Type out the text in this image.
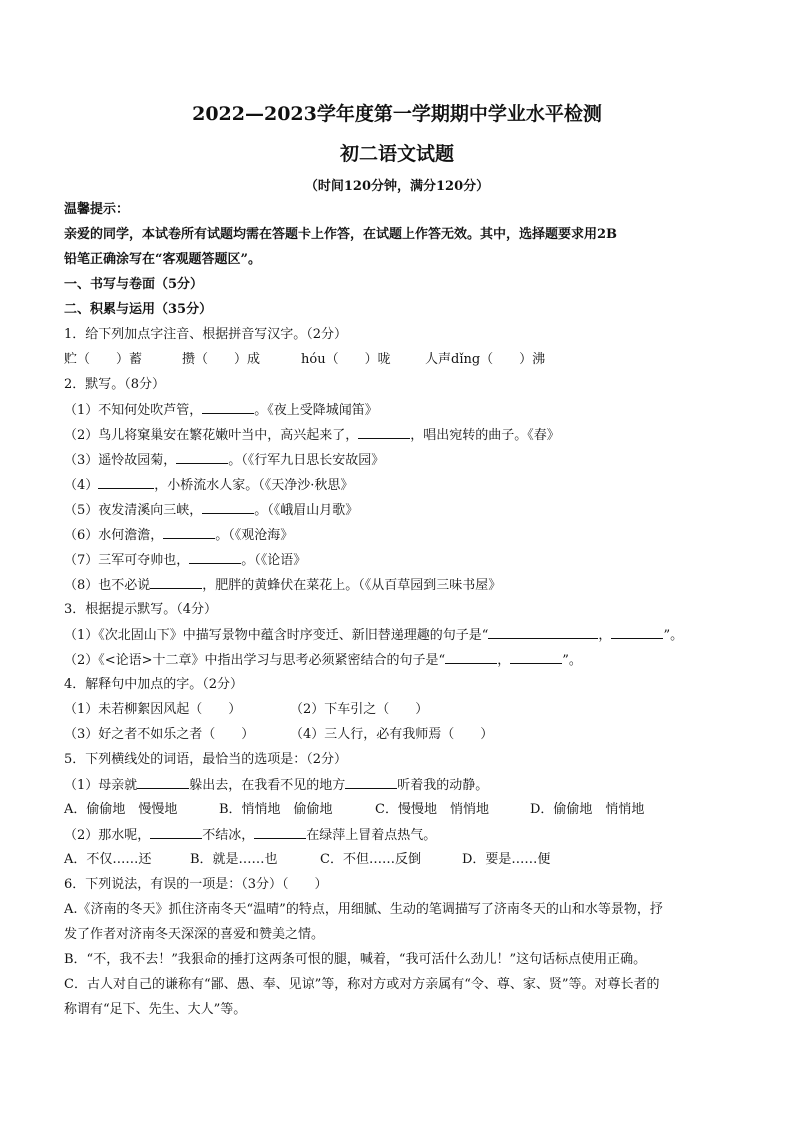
2022—2023学年度第一学期期中学业水平检测
初二语文试题
（时间120分钟，满分120分）
温馨提示：
亲爱的同学，本试卷所有试题均需在答题卡上作答，在试题上作答无效。其中，选择题要求用2B
铅笔正确涂写在“客观题答题区”。
一、书写与卷面（5分）
二、积累与运用（35分）
1．给下列加点字注音、根据拼音写汉字。（2分）
贮（　　）蓄	攒（　　）成	hóu（　　）咙	人声dǐng（　　）沸
2．默写。（8分）
（1）不知何处吹芦管，	。《夜上受降城闻笛》
（2）鸟儿将窠巢安在繁花嫩叶当中，高兴起来了，	，唱出宛转的曲子。《春》
（3）遥怜故园菊，	。（《行军九日思长安故园》
（4）	，小桥流水人家。（《天净沙·秋思》
（5）夜发清溪向三峡，	。（《峨眉山月歌》
（6）水何澹澹，	。（《观沧海》
（7）三军可夺帅也，	。（《论语》
（8）也不必说	，肥胖的黄蜂伏在菜花上。（《从百草园到三味书屋》
3．根据提示默写。（4分）
（1）《次北固山下》中描写景物中蕴含时序变迁、新旧替递理趣的句子是“	，	”。
（2）《<论语>十二章》中指出学习与思考必须紧密结合的句子是“	，	”。
4．解释句中加点的字。（2分）
（1）未若柳絮因风起（　　）	（2）下车引之（　　）
（3）好之者不如乐之者（　　）	（4）三人行，必有我师焉（　　）
5．下列横线处的词语，最恰当的选项是：（2分）
（1）母亲就	躲出去，在我看不见的地方	听着我的动静。
A．偷偷地　慢慢地	B．悄悄地　偷偷地	C．慢慢地　悄悄地	D．偷偷地　悄悄地
（2）那水呢，	不结冰，	在绿萍上冒着点热气。
A．不仅……还	B．就是……也	C．不但……反倒	D．要是……便
6．下列说法，有误的一项是：（3分）（　　）
A.《济南的冬天》抓住济南冬天“温晴”的特点，用细腻、生动的笔调描写了济南冬天的山和水等景物，抒
发了作者对济南冬天深深的喜爱和赞美之情。
B．“不，我不去！”我狠命的捶打这两条可恨的腿，喊着，“我可活什么劲儿！”这句话标点使用正确。
C．古人对自己的谦称有“鄙、愚、奉、见谅”等，称对方或对方亲属有“令、尊、家、贤”等。对尊长者的
称谓有“足下、先生、大人”等。
